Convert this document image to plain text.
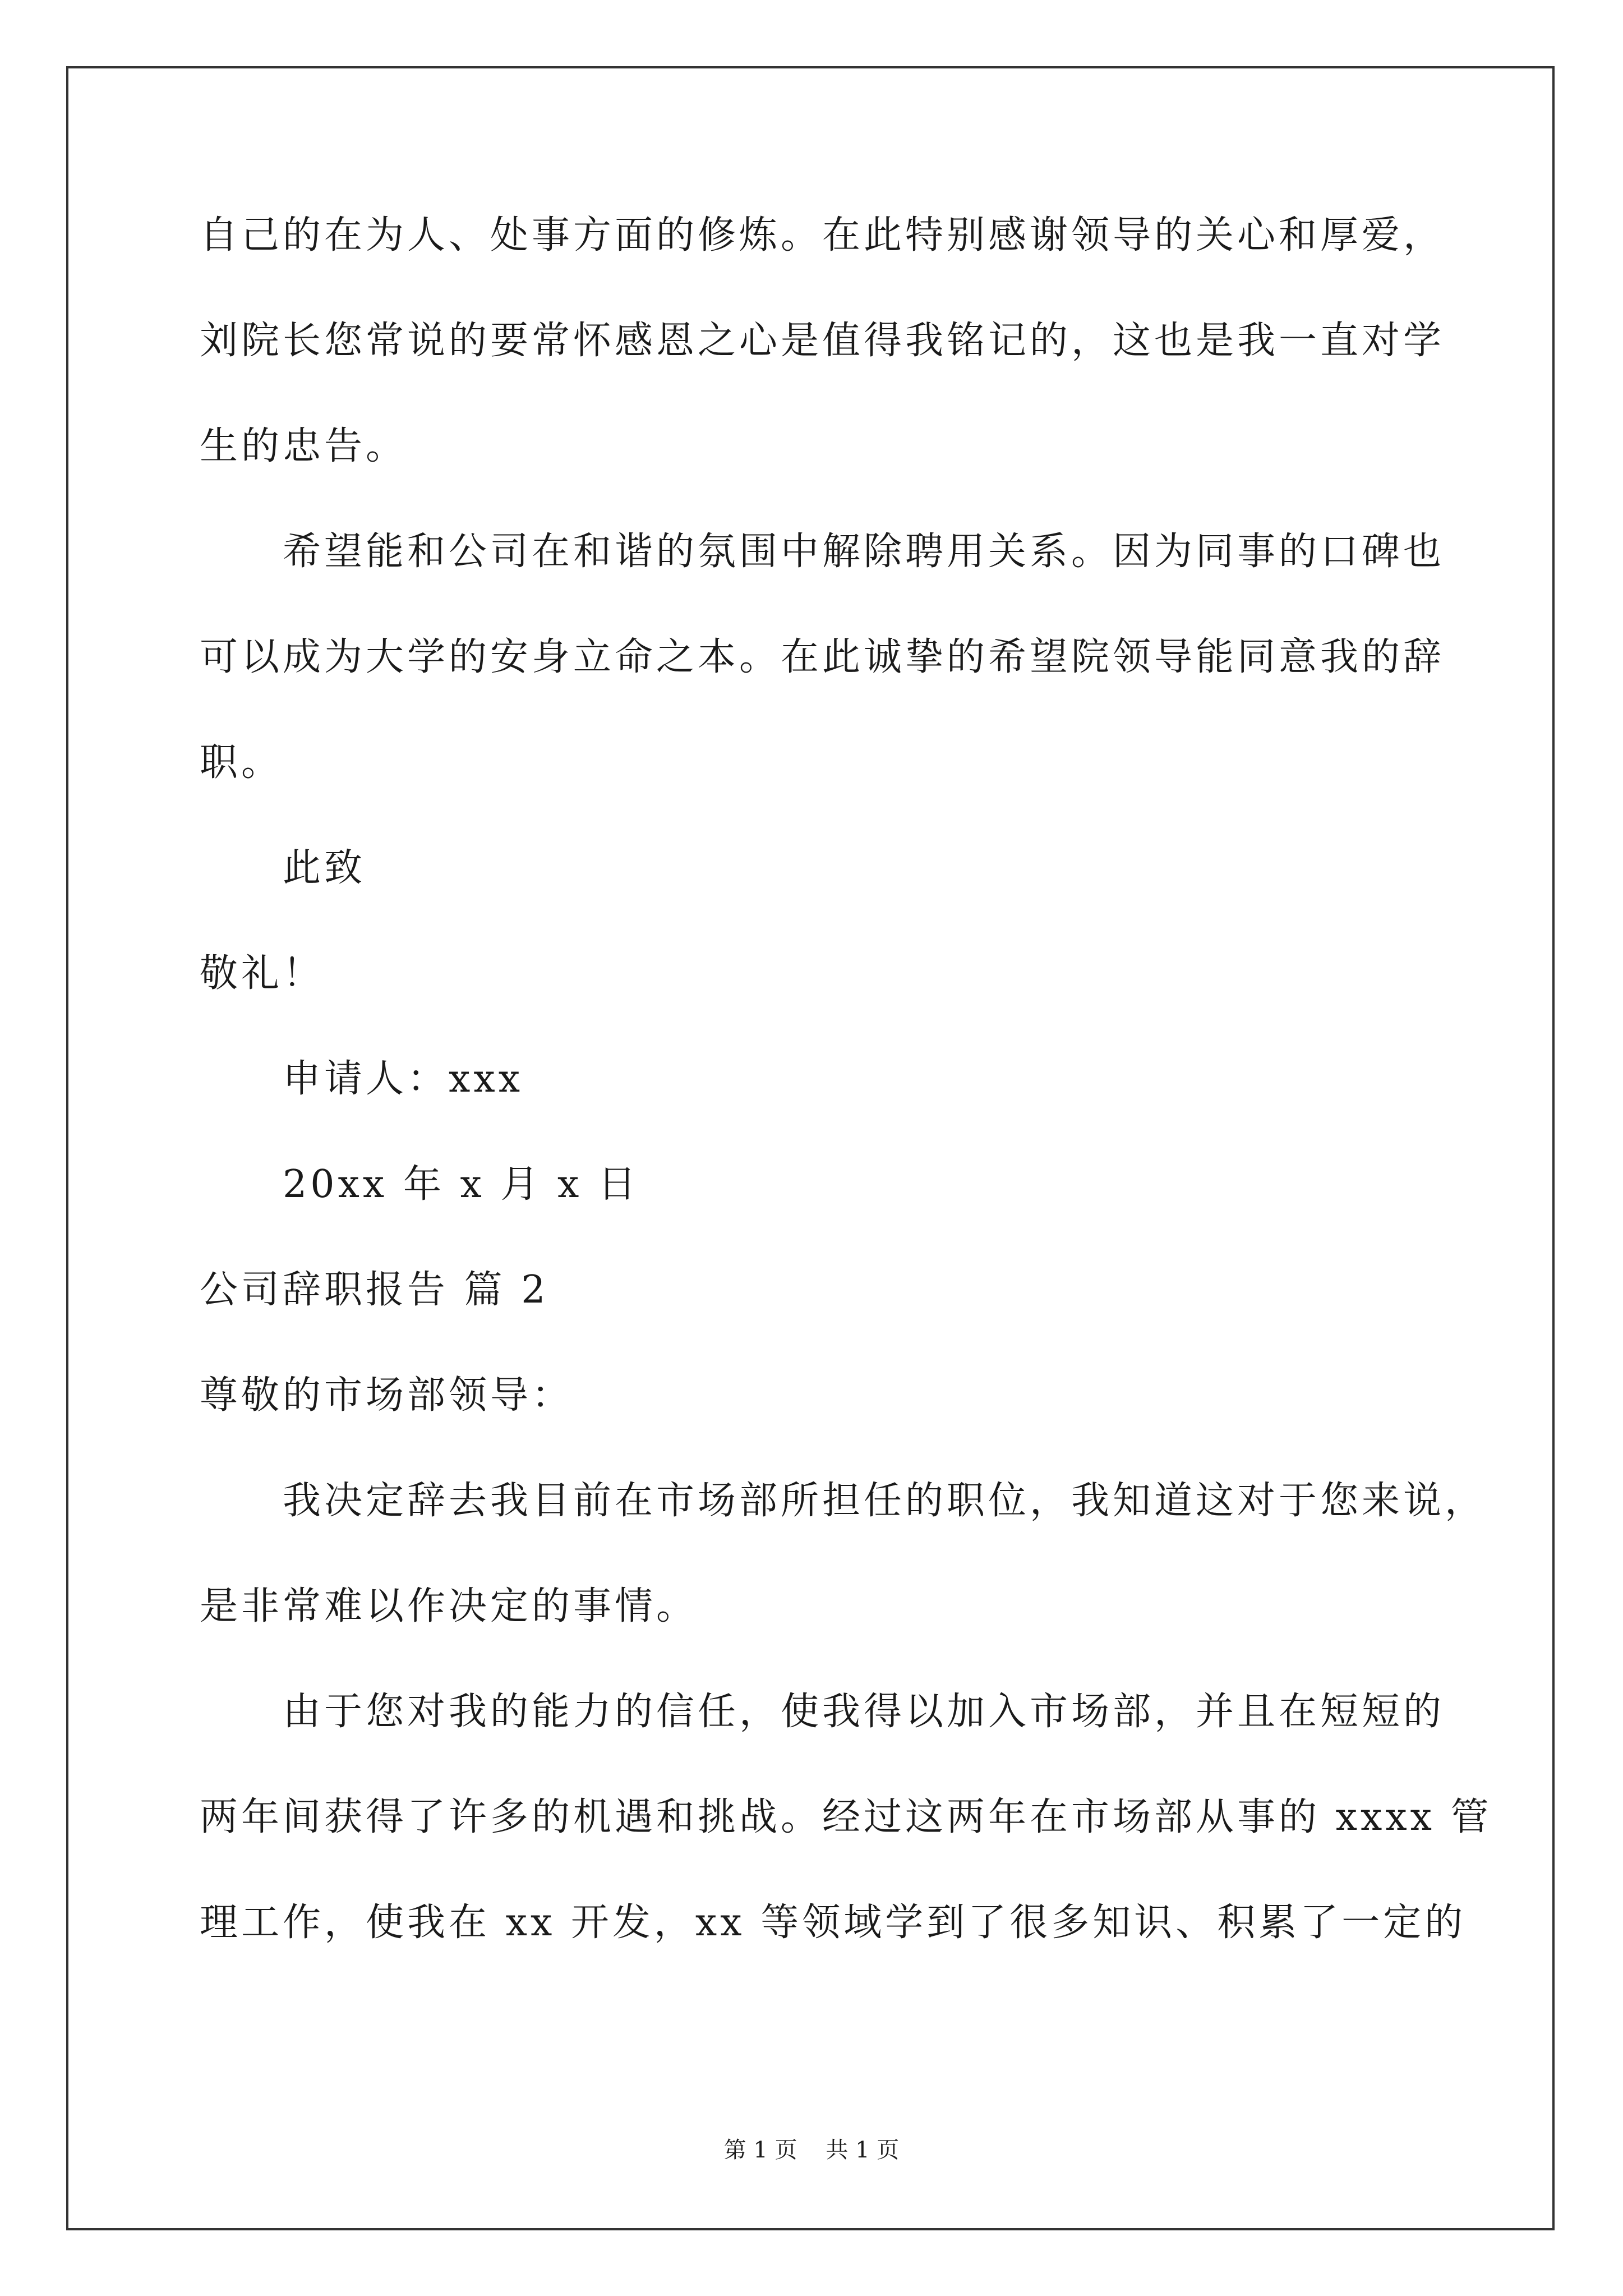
自己的在为人、处事方面的修炼。在此特别感谢领导的关心和厚爱，
刘院长您常说的要常怀感恩之心是值得我铭记的，这也是我一直对学
生的忠告。
希望能和公司在和谐的氛围中解除聘用关系。因为同事的口碑也
可以成为大学的安身立命之本。在此诚挚的希望院领导能同意我的辞
职。
此致
敬礼！
申请人：xxx
20xx 年 x 月 x 日
公司辞职报告 篇 2
尊敬的市场部领导：
我决定辞去我目前在市场部所担任的职位，我知道这对于您来说，
是非常难以作决定的事情。
由于您对我的能力的信任，使我得以加入市场部，并且在短短的
两年间获得了许多的机遇和挑战。经过这两年在市场部从事的 xxxx 管
理工作，使我在 xx 开发，xx 等领域学到了很多知识、积累了一定的
第 1 页    共 1 页
